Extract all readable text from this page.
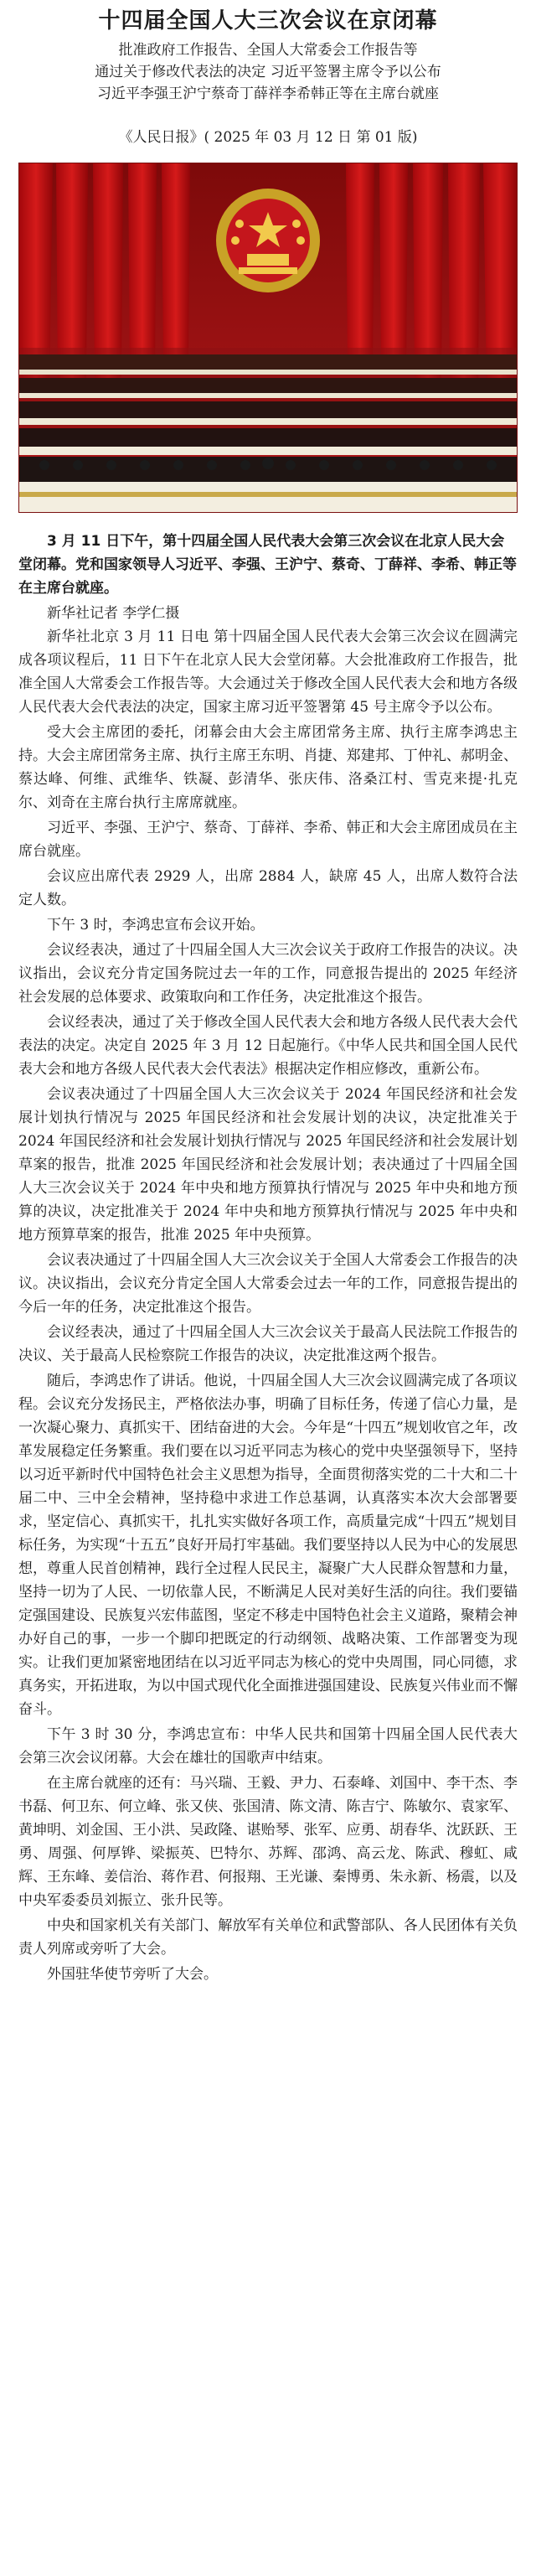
十四届全国人大三次会议在京闭幕

批准政府工作报告、全国人大常委会工作报告等

通过关于修改代表法的决定 习近平签署主席令予以公布

习近平李强王沪宁蔡奇丁薛祥李希韩正等在主席台就座

《人民日报》( 2025 年 03 月 12 日 第 01 版)

3 月 11 日下午，第十四届全国人民代表大会第三次会议在北京人民大会堂闭幕。党和国家领导人习近平、李强、王沪宁、蔡奇、丁薛祥、李希、韩正等在主席台就座。

新华社记者 李学仁摄

新华社北京 3 月 11 日电 第十四届全国人民代表大会第三次会议在圆满完成各项议程后，11 日下午在北京人民大会堂闭幕。大会批准政府工作报告，批准全国人大常委会工作报告等。大会通过关于修改全国人民代表大会和地方各级人民代表大会代表法的决定，国家主席习近平签署第 45 号主席令予以公布。

受大会主席团的委托，闭幕会由大会主席团常务主席、执行主席李鸿忠主持。大会主席团常务主席、执行主席王东明、肖捷、郑建邦、丁仲礼、郝明金、蔡达峰、何维、武维华、铁凝、彭清华、张庆伟、洛桑江村、雪克来提·扎克尔、刘奇在主席台执行主席席就座。

习近平、李强、王沪宁、蔡奇、丁薛祥、李希、韩正和大会主席团成员在主席台就座。

会议应出席代表 2929 人，出席 2884 人，缺席 45 人，出席人数符合法定人数。

下午 3 时，李鸿忠宣布会议开始。

会议经表决，通过了十四届全国人大三次会议关于政府工作报告的决议。决议指出，会议充分肯定国务院过去一年的工作，同意报告提出的 2025 年经济社会发展的总体要求、政策取向和工作任务，决定批准这个报告。

会议经表决，通过了关于修改全国人民代表大会和地方各级人民代表大会代表法的决定。决定自 2025 年 3 月 12 日起施行。《中华人民共和国全国人民代表大会和地方各级人民代表大会代表法》根据决定作相应修改，重新公布。

会议表决通过了十四届全国人大三次会议关于 2024 年国民经济和社会发展计划执行情况与 2025 年国民经济和社会发展计划的决议，决定批准关于 2024 年国民经济和社会发展计划执行情况与 2025 年国民经济和社会发展计划草案的报告，批准 2025 年国民经济和社会发展计划；表决通过了十四届全国人大三次会议关于 2024 年中央和地方预算执行情况与 2025 年中央和地方预算的决议，决定批准关于 2024 年中央和地方预算执行情况与 2025 年中央和地方预算草案的报告，批准 2025 年中央预算。

会议表决通过了十四届全国人大三次会议关于全国人大常委会工作报告的决议。决议指出，会议充分肯定全国人大常委会过去一年的工作，同意报告提出的今后一年的任务，决定批准这个报告。

会议经表决，通过了十四届全国人大三次会议关于最高人民法院工作报告的决议、关于最高人民检察院工作报告的决议，决定批准这两个报告。

随后，李鸿忠作了讲话。他说，十四届全国人大三次会议圆满完成了各项议程。会议充分发扬民主，严格依法办事，明确了目标任务，传递了信心力量，是一次凝心聚力、真抓实干、团结奋进的大会。今年是“十四五”规划收官之年，改革发展稳定任务繁重。我们要在以习近平同志为核心的党中央坚强领导下，坚持以习近平新时代中国特色社会主义思想为指导，全面贯彻落实党的二十大和二十届二中、三中全会精神，坚持稳中求进工作总基调，认真落实本次大会部署要求，坚定信心、真抓实干，扎扎实实做好各项工作，高质量完成“十四五”规划目标任务，为实现“十五五”良好开局打牢基础。我们要坚持以人民为中心的发展思想，尊重人民首创精神，践行全过程人民民主，凝聚广大人民群众智慧和力量，坚持一切为了人民、一切依靠人民，不断满足人民对美好生活的向往。我们要锚定强国建设、民族复兴宏伟蓝图，坚定不移走中国特色社会主义道路，聚精会神办好自己的事，一步一个脚印把既定的行动纲领、战略决策、工作部署变为现实。让我们更加紧密地团结在以习近平同志为核心的党中央周围，同心同德，求真务实，开拓进取，为以中国式现代化全面推进强国建设、民族复兴伟业而不懈奋斗。

下午 3 时 30 分，李鸿忠宣布：中华人民共和国第十四届全国人民代表大会第三次会议闭幕。大会在雄壮的国歌声中结束。

在主席台就座的还有：马兴瑞、王毅、尹力、石泰峰、刘国中、李干杰、李书磊、何卫东、何立峰、张又侠、张国清、陈文清、陈吉宁、陈敏尔、袁家军、黄坤明、刘金国、王小洪、吴政隆、谌贻琴、张军、应勇、胡春华、沈跃跃、王勇、周强、何厚铧、梁振英、巴特尔、苏辉、邵鸿、高云龙、陈武、穆虹、咸辉、王东峰、姜信治、蒋作君、何报翔、王光谦、秦博勇、朱永新、杨震，以及中央军委委员刘振立、张升民等。

中央和国家机关有关部门、解放军有关单位和武警部队、各人民团体有关负责人列席或旁听了大会。

外国驻华使节旁听了大会。
